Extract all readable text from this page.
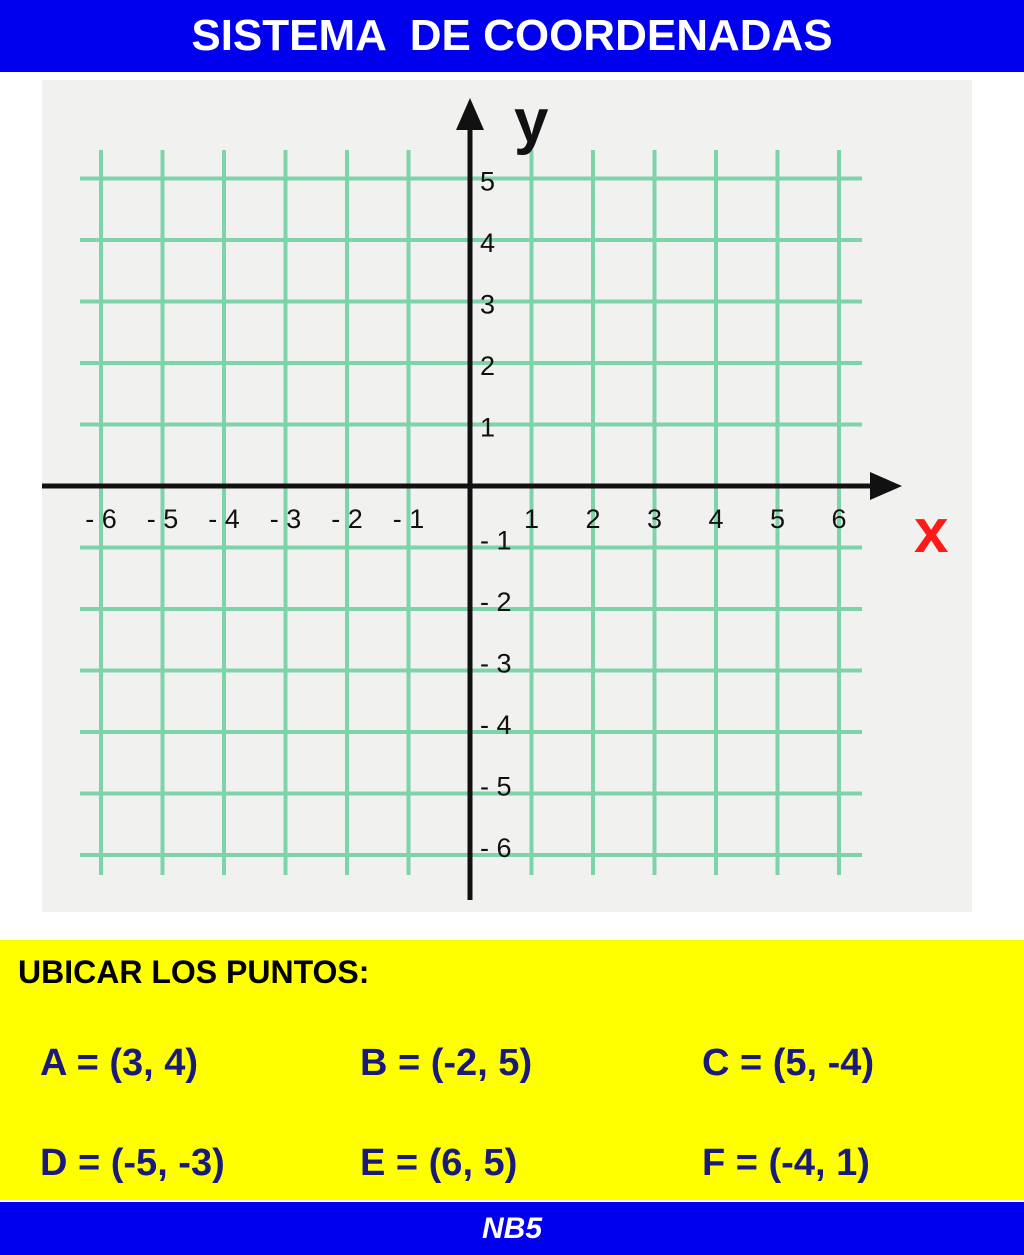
SISTEMA  DE COORDENADAS
- 6 - 5 - 4 - 3 - 2 - 1	1 2 3 4 5 6
5
4
3
2
1
- 1
- 2
- 3
- 4
- 5
- 6
y
x
UBICAR LOS PUNTOS:
A = (3, 4)	B = (-2, 5)	C = (5, -4)
D = (-5, -3)	E = (6, 5)	F = (-4, 1)
NB5
